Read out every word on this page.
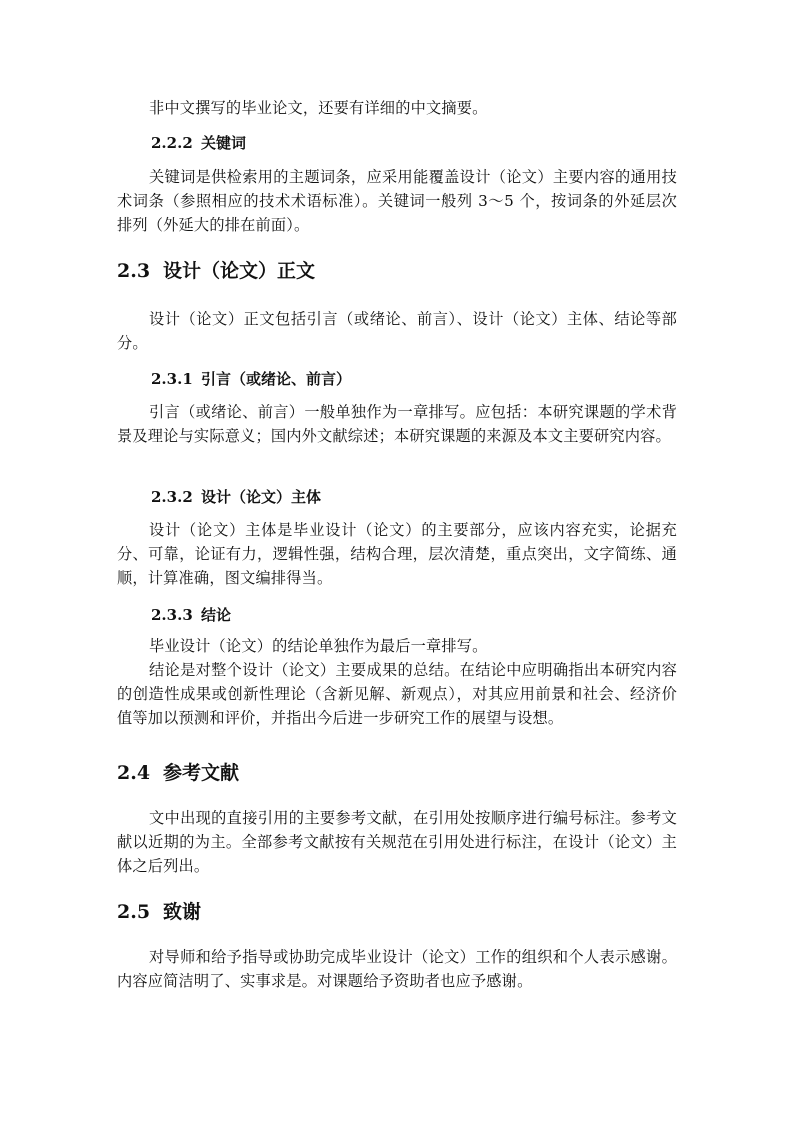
非中文撰写的毕业论文，还要有详细的中文摘要。

2.2.2 关键词

关键词是供检索用的主题词条，应采用能覆盖设计（论文）主要内容的通用技术词条（参照相应的技术术语标准）。关键词一般列 3～5 个，按词条的外延层次排列（外延大的排在前面）。

2.3 设计（论文）正文

设计（论文）正文包括引言（或绪论、前言）、设计（论文）主体、结论等部分。

2.3.1 引言（或绪论、前言）

引言（或绪论、前言）一般单独作为一章排写。应包括：本研究课题的学术背景及理论与实际意义；国内外文献综述；本研究课题的来源及本文主要研究内容。

2.3.2 设计（论文）主体

设计（论文）主体是毕业设计（论文）的主要部分，应该内容充实，论据充分、可靠，论证有力，逻辑性强，结构合理，层次清楚，重点突出，文字简练、通顺，计算准确，图文编排得当。

2.3.3 结论

毕业设计（论文）的结论单独作为最后一章排写。

结论是对整个设计（论文）主要成果的总结。在结论中应明确指出本研究内容的创造性成果或创新性理论（含新见解、新观点），对其应用前景和社会、经济价值等加以预测和评价，并指出今后进一步研究工作的展望与设想。

2.4 参考文献

文中出现的直接引用的主要参考文献，在引用处按顺序进行编号标注。参考文献以近期的为主。全部参考文献按有关规范在引用处进行标注，在设计（论文）主体之后列出。

2.5 致谢

对导师和给予指导或协助完成毕业设计（论文）工作的组织和个人表示感谢。内容应简洁明了、实事求是。对课题给予资助者也应予感谢。
